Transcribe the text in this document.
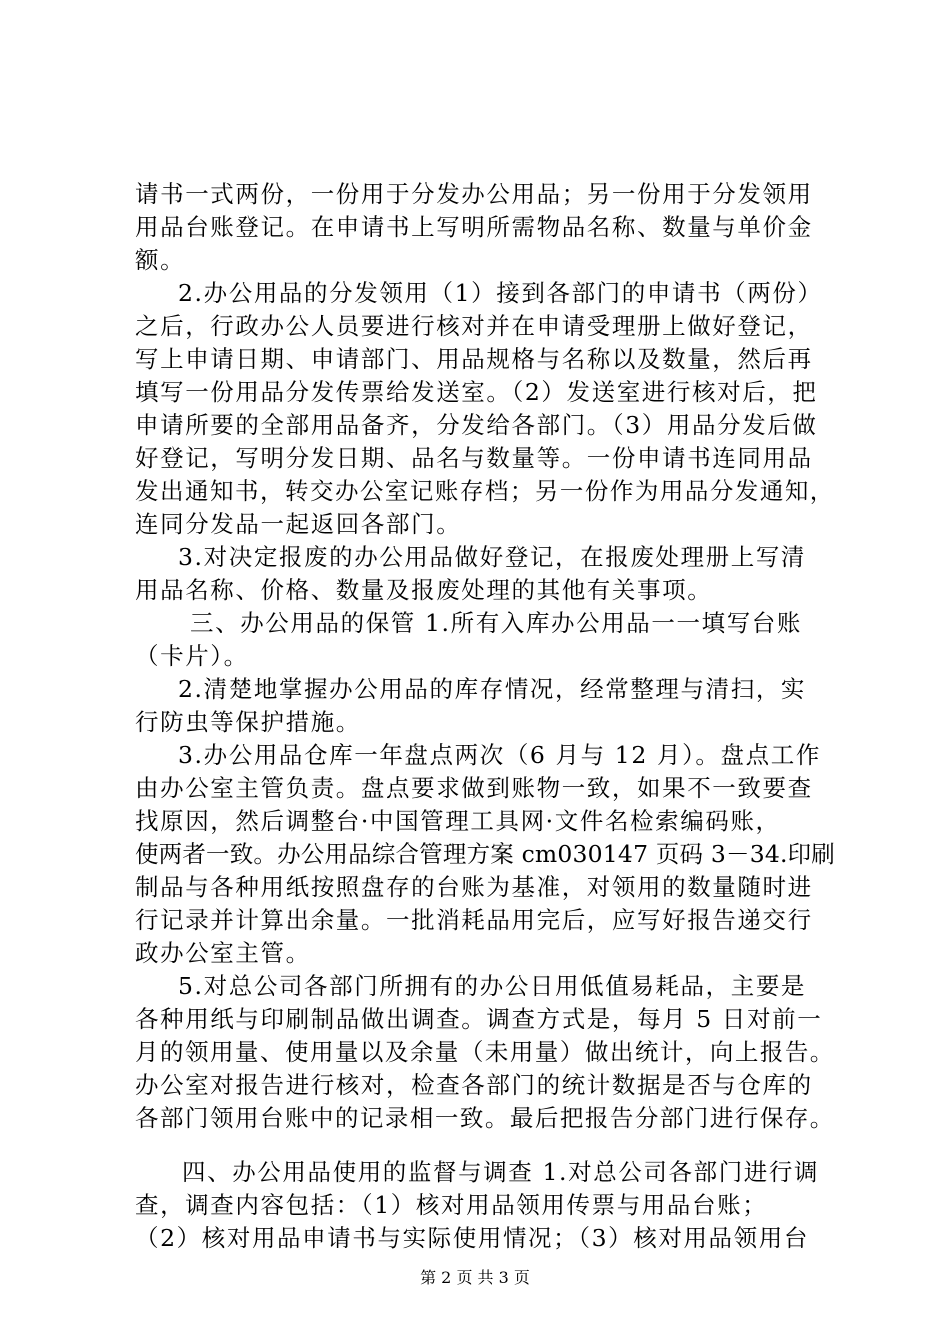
请书一式两份，一份用于分发办公用品；另一份用于分发领用
用品台账登记。在申请书上写明所需物品名称、数量与单价金
额。
2.办公用品的分发领用（1）接到各部门的申请书（两份）
之后，行政办公人员要进行核对并在申请受理册上做好登记，
写上申请日期、申请部门、用品规格与名称以及数量，然后再
填写一份用品分发传票给发送室。（2）发送室进行核对后，把
申请所要的全部用品备齐，分发给各部门。（3）用品分发后做
好登记，写明分发日期、品名与数量等。一份申请书连同用品
发出通知书，转交办公室记账存档；另一份作为用品分发通知，
连同分发品一起返回各部门。
3.对决定报废的办公用品做好登记，在报废处理册上写清
用品名称、价格、数量及报废处理的其他有关事项。
三、办公用品的保管 1.所有入库办公用品一一填写台账
（卡片）。
2.清楚地掌握办公用品的库存情况，经常整理与清扫，实
行防虫等保护措施。
3.办公用品仓库一年盘点两次（6 月与 12 月）。盘点工作
由办公室主管负责。盘点要求做到账物一致，如果不一致要查
找原因，然后调整台·中国管理工具网·文件名检索编码账，
使两者一致。办公用品综合管理方案 cm030147 页码 3－34.印刷
制品与各种用纸按照盘存的台账为基准，对领用的数量随时进
行记录并计算出余量。一批消耗品用完后，应写好报告递交行
政办公室主管。
5.对总公司各部门所拥有的办公日用低值易耗品，主要是
各种用纸与印刷制品做出调查。调查方式是，每月 5 日对前一
月的领用量、使用量以及余量（未用量）做出统计，向上报告。
办公室对报告进行核对，检查各部门的统计数据是否与仓库的
各部门领用台账中的记录相一致。最后把报告分部门进行保存。
四、办公用品使用的监督与调查 1.对总公司各部门进行调
查，调查内容包括：（1）核对用品领用传票与用品台账；
（2）核对用品申请书与实际使用情况；（3）核对用品领用台
第 2 页 共 3 页
